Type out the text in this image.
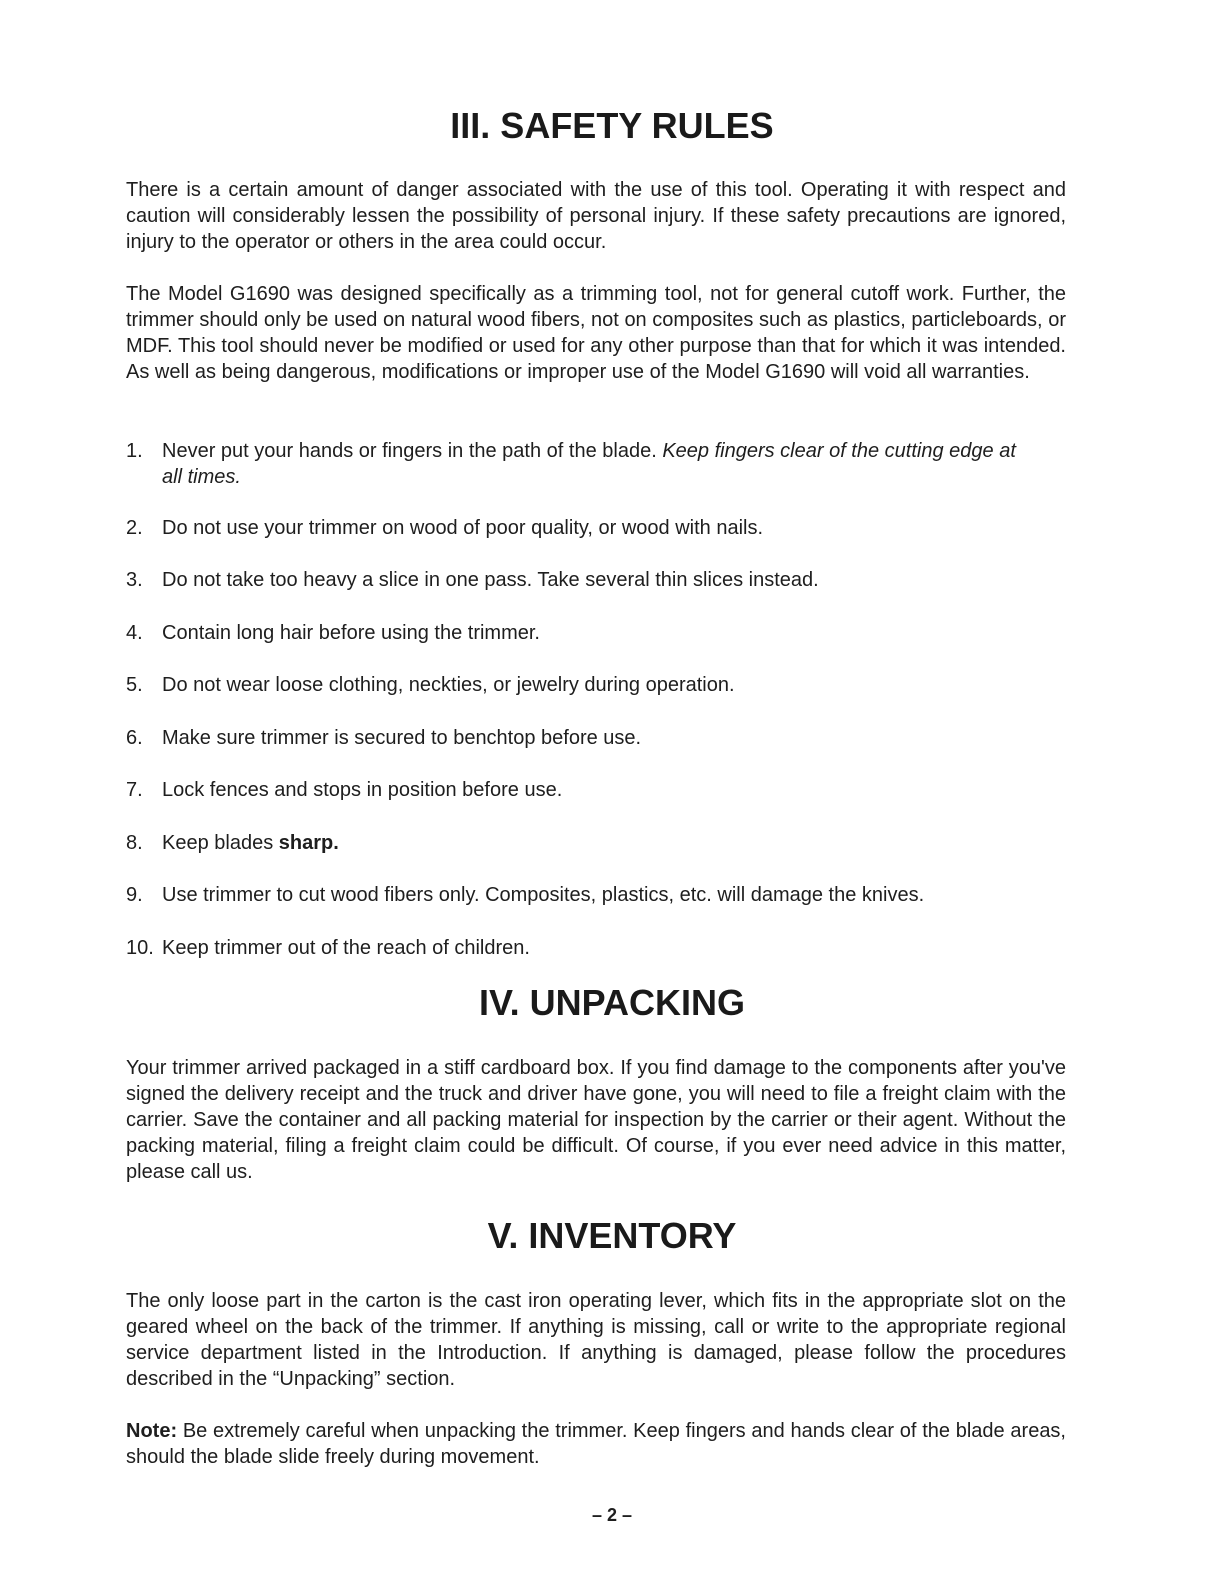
III. SAFETY RULES

There is a certain amount of danger associated with the use of this tool. Operating it with respect and caution will considerably lessen the possibility of personal injury. If these safety precautions are ignored, injury to the operator or others in the area could occur.

The Model G1690 was designed specifically as a trimming tool, not for general cutoff work. Further, the trimmer should only be used on natural wood fibers, not on composites such as plastics, particleboards, or MDF. This tool should never be modified or used for any other purpose than that for which it was intended. As well as being dangerous, modifications or improper use of the Model G1690 will void all warranties.

1. Never put your hands or fingers in the path of the blade. Keep fingers clear of the cutting edge at all times.
2. Do not use your trimmer on wood of poor quality, or wood with nails.
3. Do not take too heavy a slice in one pass. Take several thin slices instead.
4. Contain long hair before using the trimmer.
5. Do not wear loose clothing, neckties, or jewelry during operation.
6. Make sure trimmer is secured to benchtop before use.
7. Lock fences and stops in position before use.
8. Keep blades sharp.
9. Use trimmer to cut wood fibers only. Composites, plastics, etc. will damage the knives.
10. Keep trimmer out of the reach of children.
IV. UNPACKING

Your trimmer arrived packaged in a stiff cardboard box. If you find damage to the components after you've signed the delivery receipt and the truck and driver have gone, you will need to file a freight claim with the carrier. Save the container and all packing material for inspection by the carrier or their agent. Without the packing material, filing a freight claim could be difficult. Of course, if you ever need advice in this matter, please call us.

V. INVENTORY

The only loose part in the carton is the cast iron operating lever, which fits in the appropriate slot on the geared wheel on the back of the trimmer. If anything is missing, call or write to the appropriate regional service department listed in the Introduction. If anything is damaged, please follow the procedures described in the “Unpacking” section.

Note: Be extremely careful when unpacking the trimmer. Keep fingers and hands clear of the blade areas, should the blade slide freely during movement.

– 2 –
